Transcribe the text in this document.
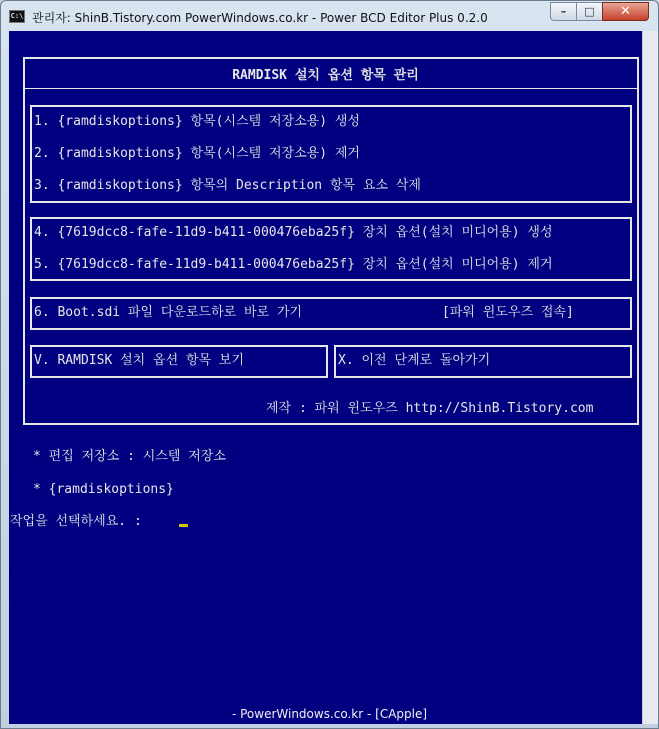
C:\ 관리자: ShinB.Tistory.com PowerWindows.co.kr - Power BCD Editor Plus 0.2.0	–	□	✕
RAMDISK 설치 옵션 항목 관리
1. {ramdiskoptions} 항목(시스템 저장소용) 생성
2. {ramdiskoptions} 항목(시스템 저장소용) 제거
3. {ramdiskoptions} 항목의 Description 항목 요소 삭제
4. {7619dcc8-fafe-11d9-b411-000476eba25f} 장치 옵션(설치 미디어용) 생성
5. {7619dcc8-fafe-11d9-b411-000476eba25f} 장치 옵션(설치 미디어용) 제거
6. Boot.sdi 파일 다운로드하로 바로 가기	[파워 윈도우즈 접속]
V. RAMDISK 설치 옵션 항목 보기	X. 이전 단계로 돌아가기
제작 : 파워 윈도우즈 http://ShinB.Tistory.com
* 편집 저장소 : 시스템 저장소
* {ramdiskoptions}
작업을 선택하세요. :
- PowerWindows.co.kr - [CApple]
